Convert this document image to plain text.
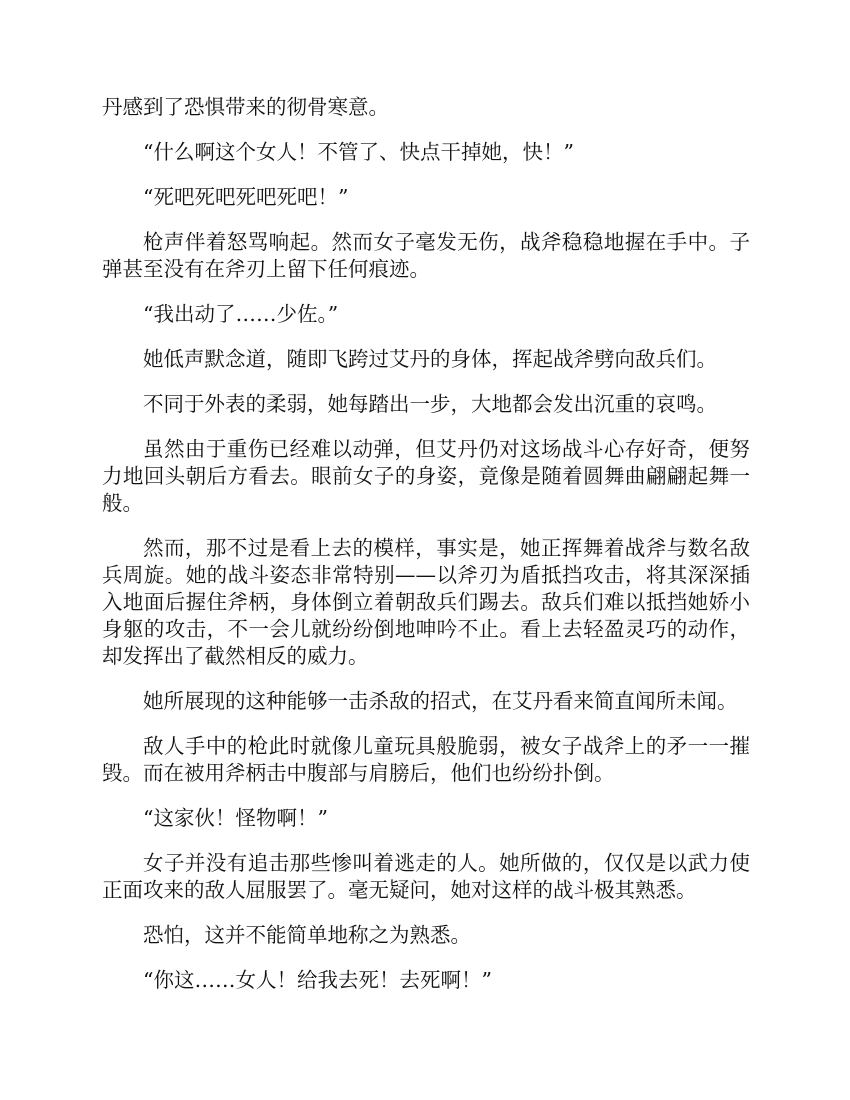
丹感到了恐惧带来的彻骨寒意。

“什么啊这个女人！不管了、快点干掉她，快！”

“死吧死吧死吧死吧！”

枪声伴着怒骂响起。然而女子毫发无伤，战斧稳稳地握在手中。子弹甚至没有在斧刃上留下任何痕迹。

“我出动了……少佐。”

她低声默念道，随即飞跨过艾丹的身体，挥起战斧劈向敌兵们。

不同于外表的柔弱，她每踏出一步，大地都会发出沉重的哀鸣。

虽然由于重伤已经难以动弹，但艾丹仍对这场战斗心存好奇，便努力地回头朝后方看去。眼前女子的身姿，竟像是随着圆舞曲翩翩起舞一般。

然而，那不过是看上去的模样，事实是，她正挥舞着战斧与数名敌兵周旋。她的战斗姿态非常特别——以斧刃为盾抵挡攻击，将其深深插入地面后握住斧柄，身体倒立着朝敌兵们踢去。敌兵们难以抵挡她娇小身躯的攻击，不一会儿就纷纷倒地呻吟不止。看上去轻盈灵巧的动作，却发挥出了截然相反的威力。

她所展现的这种能够一击杀敌的招式，在艾丹看来简直闻所未闻。

敌人手中的枪此时就像儿童玩具般脆弱，被女子战斧上的矛一一摧毁。而在被用斧柄击中腹部与肩膀后，他们也纷纷扑倒。

“这家伙！怪物啊！”

女子并没有追击那些惨叫着逃走的人。她所做的，仅仅是以武力使正面攻来的敌人屈服罢了。毫无疑问，她对这样的战斗极其熟悉。

恐怕，这并不能简单地称之为熟悉。

“你这……女人！给我去死！去死啊！”
